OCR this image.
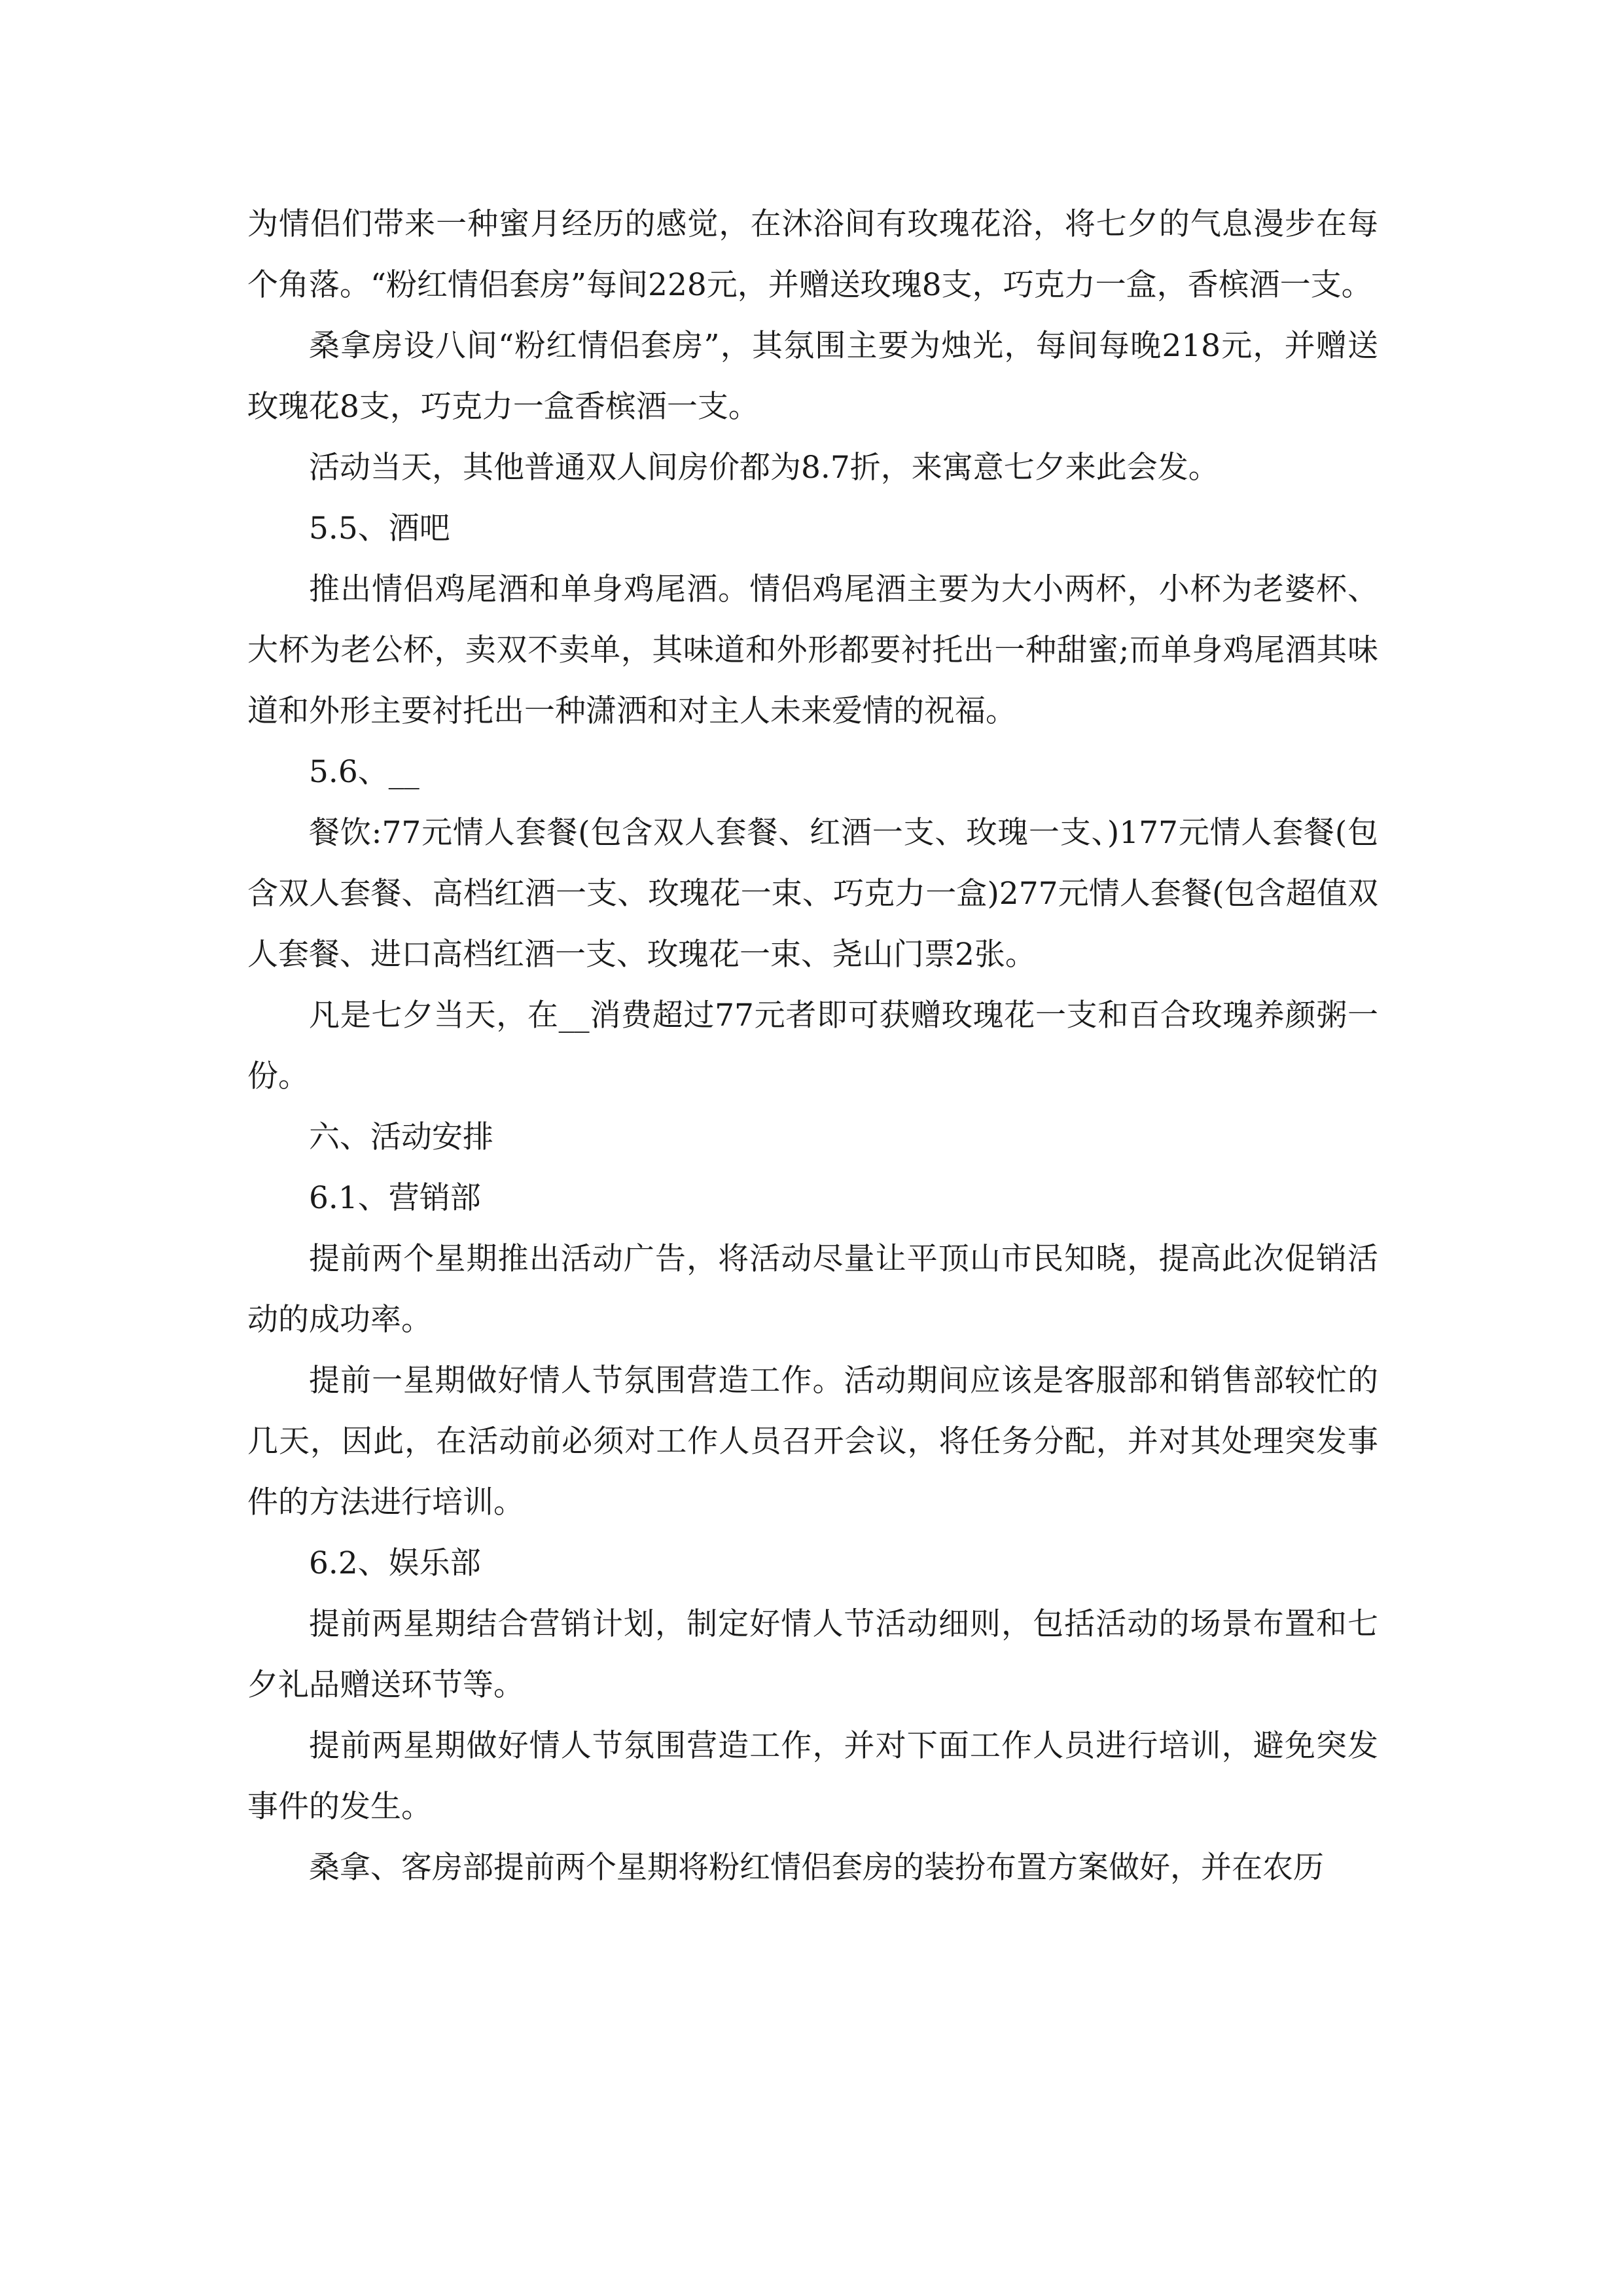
为情侣们带来一种蜜月经历的感觉，在沐浴间有玫瑰花浴，将七夕的气息漫步在每个角落。“粉红情侣套房”每间228元，并赠送玫瑰8支，巧克力一盒，香槟酒一支。

桑拿房设八间“粉红情侣套房”，其氛围主要为烛光，每间每晚218元，并赠送玫瑰花8支，巧克力一盒香槟酒一支。

活动当天，其他普通双人间房价都为8.7折，来寓意七夕来此会发。

5.5、酒吧

推出情侣鸡尾酒和单身鸡尾酒。情侣鸡尾酒主要为大小两杯，小杯为老婆杯、大杯为老公杯，卖双不卖单，其味道和外形都要衬托出一种甜蜜;而单身鸡尾酒其味道和外形主要衬托出一种潇洒和对主人未来爱情的祝福。

5.6、__

餐饮:77元情人套餐(包含双人套餐、红酒一支、玫瑰一支、)177元情人套餐(包含双人套餐、高档红酒一支、玫瑰花一束、巧克力一盒)277元情人套餐(包含超值双人套餐、进口高档红酒一支、玫瑰花一束、尧山门票2张。

凡是七夕当天，在__消费超过77元者即可获赠玫瑰花一支和百合玫瑰养颜粥一份。

六、活动安排

6.1、营销部

提前两个星期推出活动广告，将活动尽量让平顶山市民知晓，提高此次促销活动的成功率。

提前一星期做好情人节氛围营造工作。活动期间应该是客服部和销售部较忙的几天，因此，在活动前必须对工作人员召开会议，将任务分配，并对其处理突发事件的方法进行培训。

6.2、娱乐部

提前两星期结合营销计划，制定好情人节活动细则，包括活动的场景布置和七夕礼品赠送环节等。

提前两星期做好情人节氛围营造工作，并对下面工作人员进行培训，避免突发事件的发生。

桑拿、客房部提前两个星期将粉红情侣套房的装扮布置方案做好，并在农历
